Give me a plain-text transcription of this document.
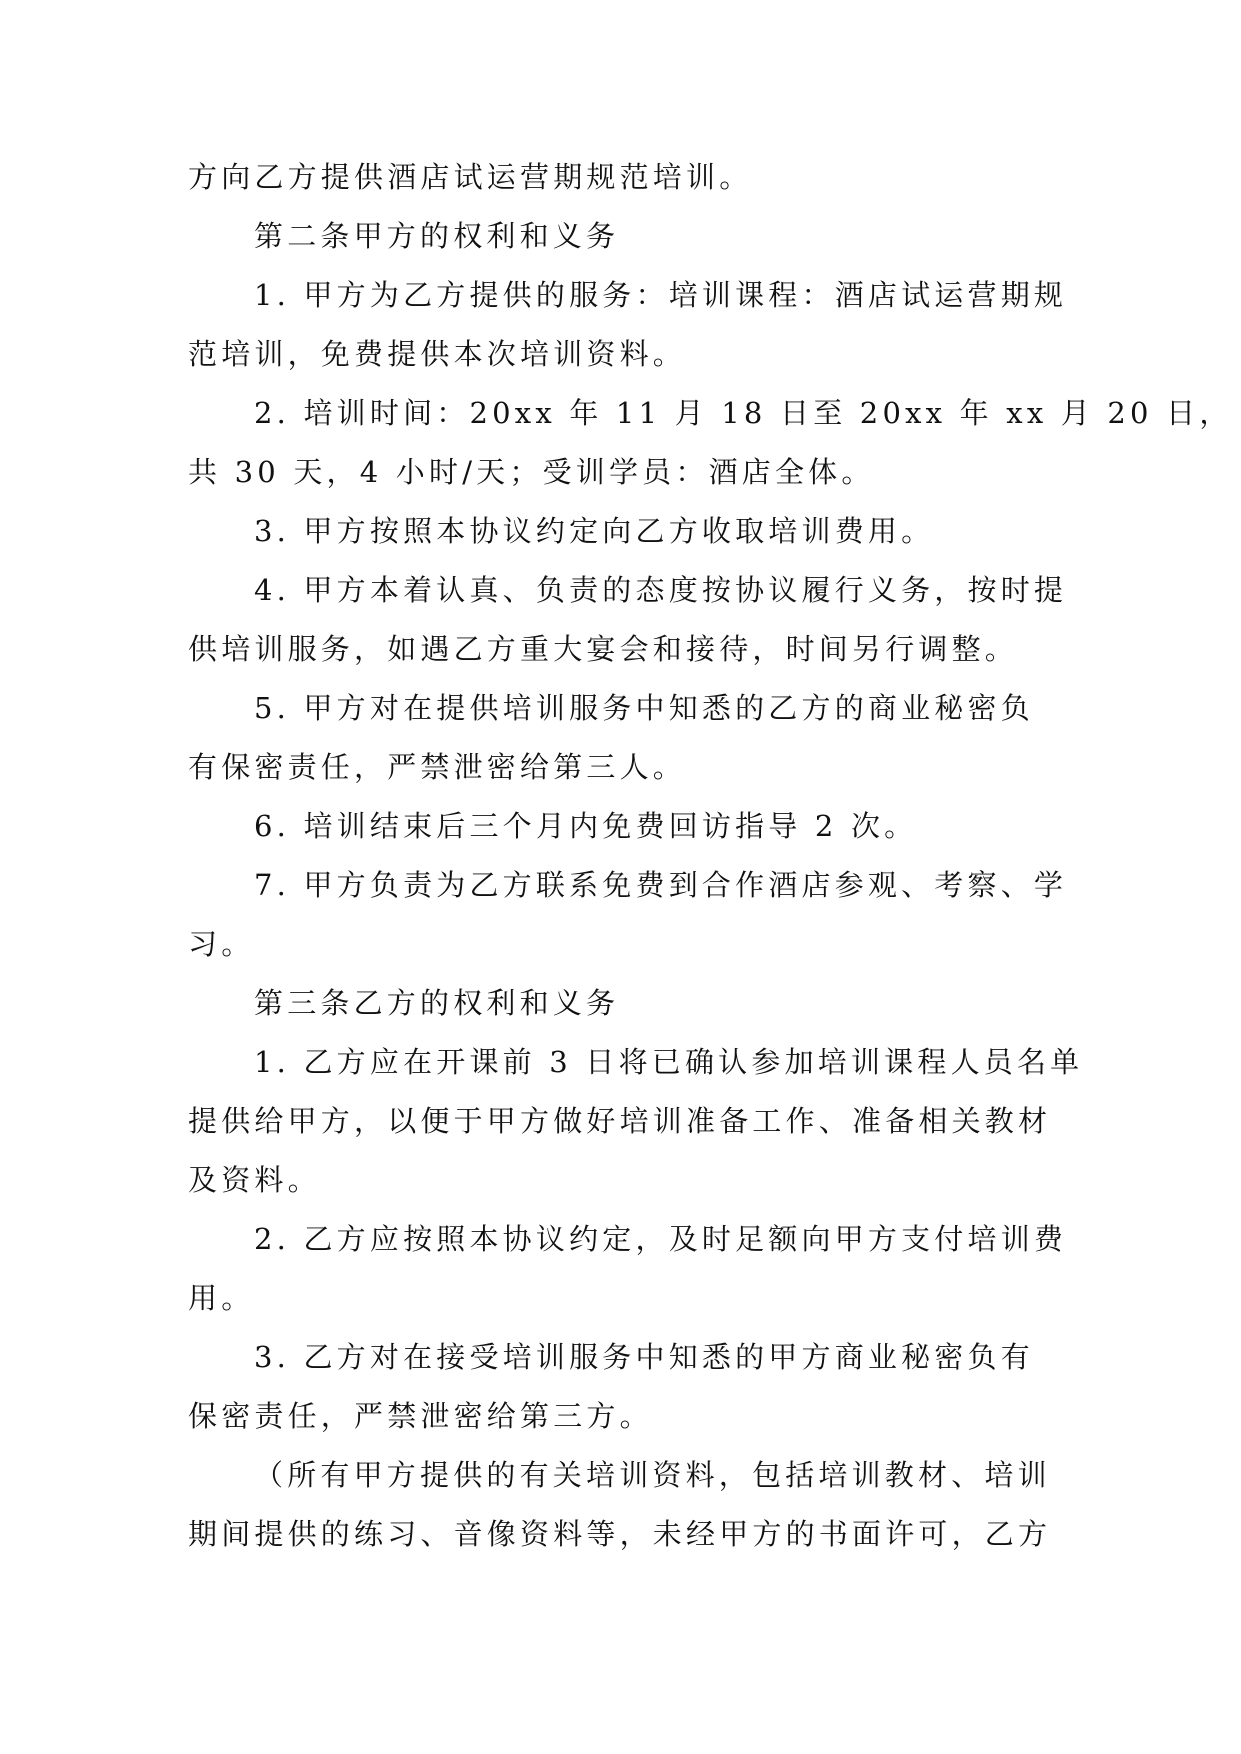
方向乙方提供酒店试运营期规范培训。
第二条甲方的权利和义务
1. 甲方为乙方提供的服务：培训课程：酒店试运营期规
范培训，免费提供本次培训资料。
2. 培训时间：20xx 年 11 月 18 日至 20xx 年 xx 月 20 日，
共 30 天，4 小时/天；受训学员：酒店全体。
3. 甲方按照本协议约定向乙方收取培训费用。
4. 甲方本着认真、负责的态度按协议履行义务，按时提
供培训服务，如遇乙方重大宴会和接待，时间另行调整。
5. 甲方对在提供培训服务中知悉的乙方的商业秘密负
有保密责任，严禁泄密给第三人。
6. 培训结束后三个月内免费回访指导 2 次。
7. 甲方负责为乙方联系免费到合作酒店参观、考察、学
习。
第三条乙方的权利和义务
1. 乙方应在开课前 3 日将已确认参加培训课程人员名单
提供给甲方，以便于甲方做好培训准备工作、准备相关教材
及资料。
2. 乙方应按照本协议约定，及时足额向甲方支付培训费
用。
3. 乙方对在接受培训服务中知悉的甲方商业秘密负有
保密责任，严禁泄密给第三方。
（所有甲方提供的有关培训资料，包括培训教材、培训
期间提供的练习、音像资料等，未经甲方的书面许可，乙方
